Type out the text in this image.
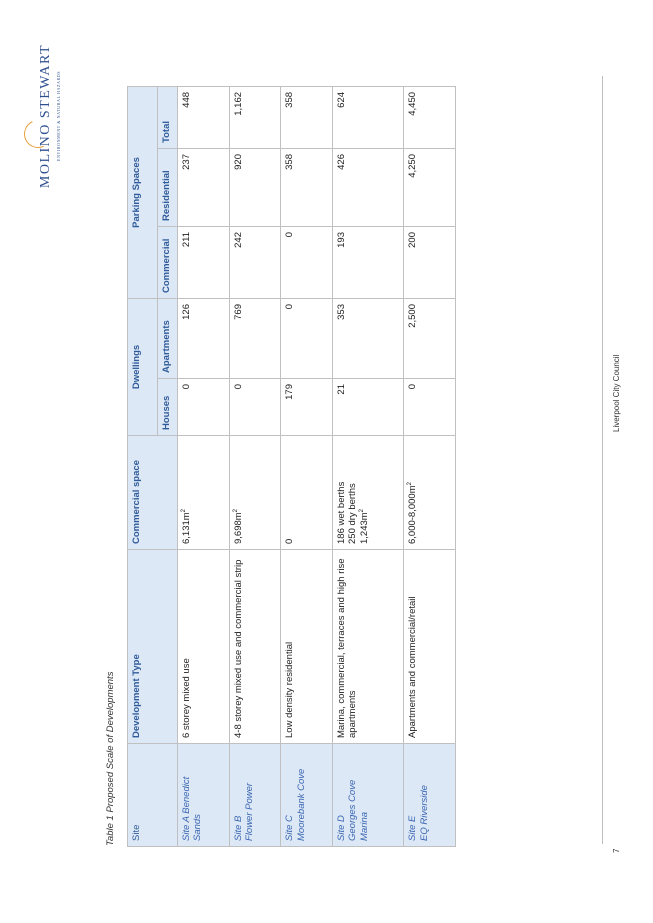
MOLINO STEWART ENVIRONMENT & NATURAL HAZARDS
Table 1 Proposed Scale of Developments Site	Development Type	Commercial space	Dwellings		Parking Spaces		
			Houses	Apartments	Commercial	Residential	Total
Site A Benedict
Sands	6 storey mixed use	$6,131m^2$	0	126	211	237	448
Site B
Flower Power	4-8 storey mixed use and commercial strip	$9,698m^2$	0	769	242	920	1,162
Site C
Moorebank Cove	Low density residential	0	179	0	0	358	358
Site D
Georges Cove
Marina	Marina, commercial, terraces and high rise apartments	186 wet berths
250 dry berths
$1,243m^2$	21	353	193	426	624
Site E
EQ Riverside	Apartments and commercial/retail	$6,000-8,000m^2$	0	2,500	200	4,250	4,450
Liverpool City Council
7
